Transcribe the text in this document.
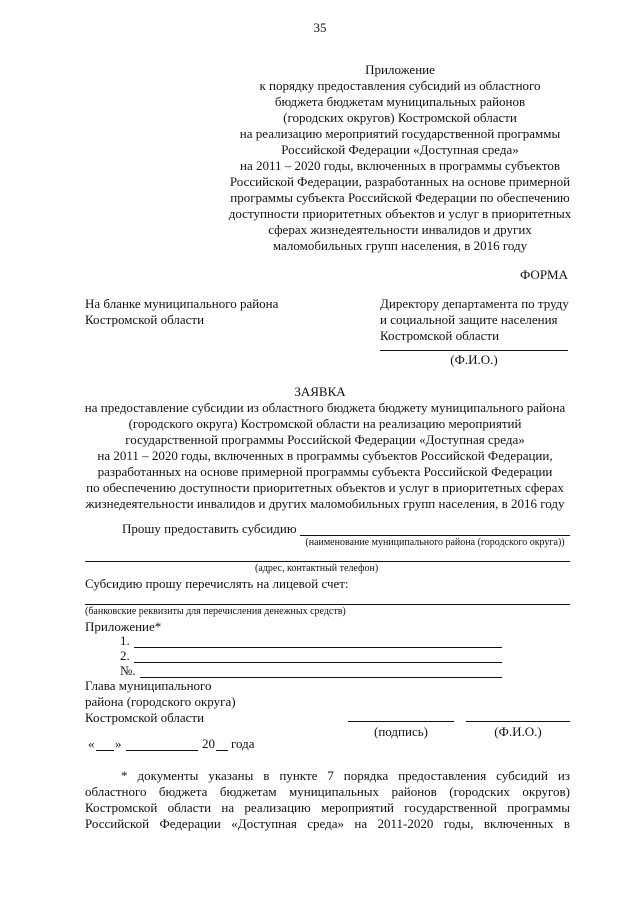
35
Приложение
к порядку предоставления субсидий из областного
бюджета бюджетам муниципальных районов
(городских округов) Костромской области
на реализацию мероприятий государственной программы
Российской Федерации «Доступная среда»
на 2011 – 2020 годы, включенных в программы субъектов
Российской Федерации, разработанных на основе примерной
программы субъекта Российской Федерации по обеспечению
доступности приоритетных объектов и услуг в приоритетных
сферах жизнедеятельности инвалидов и других
маломобильных групп населения, в 2016 году
ФОРМА
На бланке муниципального района
Костромской области
Директору департамента по труду
и социальной защите населения
Костромской области
(Ф.И.О.)
ЗАЯВКА
на предоставление субсидии из областного бюджета бюджету муниципального района
(городского округа) Костромской области на реализацию мероприятий
государственной программы Российской Федерации «Доступная среда»
на 2011 – 2020 годы, включенных в программы субъектов Российской Федерации,
разработанных на основе примерной программы субъекта Российской Федерации
по обеспечению доступности приоритетных объектов и услуг в приоритетных сферах
жизнедеятельности инвалидов и других маломобильных групп населения, в 2016 году
Прошу предоставить субсидию
(наименование муниципального района (городского округа))
(адрес, контактный телефон)
Субсидию прошу перечислять на лицевой счет:
(банковские реквизиты для перечисления денежных средств)
Приложение*
1.
2.
№.
Глава муниципального
района (городского округа)
Костромской области
(подпись)	(Ф.И.О.)
« »	20 года
* документы указаны в пункте 7 порядка предоставления субсидий из
областного бюджета бюджетам муниципальных районов (городских округов)
Костромской области на реализацию мероприятий государственной программы
Российской Федерации «Доступная среда» на 2011-2020 годы, включенных в
